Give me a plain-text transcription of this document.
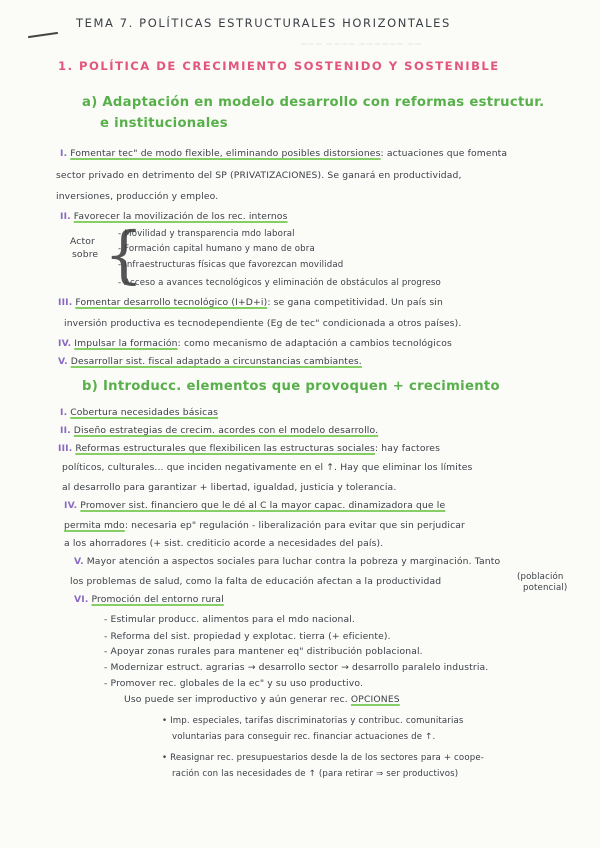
~~~ ~~~~ ~~~~~~ ~~
TEMA 7. POLÍTICAS ESTRUCTURALES HORIZONTALES
1. POLÍTICA DE CRECIMIENTO SOSTENIDO Y SOSTENIBLE
a) Adaptación en modelo desarrollo con reformas estructur.
e institucionales
I. Fomentar tec" de modo flexible, eliminando posibles distorsiones: actuaciones que fomenta
sector privado en detrimento del SP (PRIVATIZACIONES). Se ganará en productividad,
inversiones, producción y empleo.
II. Favorecer la movilización de los rec. internos
Actor
sobre {
- Movilidad y transparencia mdo laboral
- Formación capital humano y mano de obra
- Infraestructuras físicas que favorezcan movilidad
- Acceso a avances tecnológicos y eliminación de obstáculos al progreso
III. Fomentar desarrollo tecnológico (I+D+i): se gana competitividad. Un país sin
inversión productiva es tecnodependiente (Eg de tec" condicionada a otros países).
IV. Impulsar la formación: como mecanismo de adaptación a cambios tecnológicos
V. Desarrollar sist. fiscal adaptado a circunstancias cambiantes.
b) Introducc. elementos que provoquen + crecimiento
I. Cobertura necesidades básicas
II. Diseño estrategias de crecim. acordes con el modelo desarrollo.
III. Reformas estructurales que flexibilicen las estructuras sociales: hay factores
políticos, culturales... que inciden negativamente en el ↑. Hay que eliminar los límites
al desarrollo para garantizar + libertad, igualdad, justicia y tolerancia.
IV. Promover sist. financiero que le dé al C la mayor capac. dinamizadora que le
permita mdo: necesaria ep" regulación - liberalización para evitar que sin perjudicar
a los ahorradores (+ sist. crediticio acorde a necesidades del país).
V. Mayor atención a aspectos sociales para luchar contra la pobreza y marginación. Tanto
los problemas de salud, como la falta de educación afectan a la productividad	(población
potencial)
VI. Promoción del entorno rural
- Estimular producc. alimentos para el mdo nacional.
- Reforma del sist. propiedad y explotac. tierra (+ eficiente).
- Apoyar zonas rurales para mantener eq" distribución poblacional.
- Modernizar estruct. agrarias → desarrollo sector → desarrollo paralelo industria.
- Promover rec. globales de la ec" y su uso productivo.
Uso puede ser improductivo y aún generar rec. OPCIONES
• Imp. especiales, tarifas discriminatorias y contribuc. comunitarias
voluntarias para conseguir rec. financiar actuaciones de ↑.
• Reasignar rec. presupuestarios desde la de los sectores para + coope-
ración con las necesidades de ↑ (para retirar ⇒ ser productivos)
